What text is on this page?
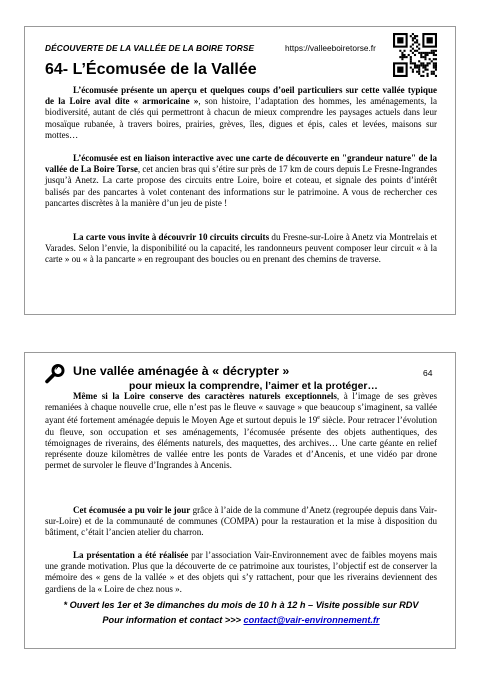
DÉCOUVERTE DE LA VALLÉE DE LA BOIRE TORSE	https://valleeboiretorse.fr
64- L’Écomusée de la Vallée

L’écomusée présente un aperçu et quelques coups d’oeil particuliers sur cette vallée typique de la Loire aval dite « armoricaine », son histoire, l’adaptation des hommes, les aménagements, la biodiversité, autant de clés qui permettront à chacun de mieux comprendre les paysages actuels dans leur mosaïque rubanée, à travers boires, prairies, grèves, îles, digues et épis, cales et levées, maisons sur mottes…

L’écomusée est en liaison interactive avec une carte de découverte en "grandeur nature" de la vallée de La Boire Torse, cet ancien bras qui s’étire sur près de 17 km de cours depuis Le Fresne-Ingrandes jusqu’à Anetz. La carte propose des circuits entre Loire, boire et coteau, et signale des points d’intérêt balisés par des pancartes à volet contenant des informations sur le patrimoine. A vous de rechercher ces pancartes discrètes à la manière d’un jeu de piste !

La carte vous invite à découvrir 10 circuits circuits du Fresne-sur-Loire à Anetz via Montrelais et Varades. Selon l’envie, la disponibilité ou la capacité, les randonneurs peuvent composer leur circuit « à la carte » ou « à la pancarte » en regroupant des boucles ou en prenant des chemins de traverse.

Une vallée aménagée à « décrypter »
pour mieux la comprendre, l’aimer et la protéger…
64

Même si la Loire conserve des caractères naturels exceptionnels, à l’image de ses grèves remaniées à chaque nouvelle crue, elle n’est pas le fleuve « sauvage » que beaucoup s’imaginent, sa vallée ayant été fortement aménagée depuis le Moyen Age et surtout depuis le 19e siècle. Pour retracer l’évolution du fleuve, son occupation et ses aménagements, l’écomusée présente des objets authentiques, des témoignages de riverains, des éléments naturels, des maquettes, des archives… Une carte géante en relief représente douze kilomètres de vallée entre les ponts de Varades et d’Ancenis, et une vidéo par drone permet de survoler le fleuve d’Ingrandes à Ancenis.

Cet écomusée a pu voir le jour grâce à l’aide de la commune d’Anetz (regroupée depuis dans Vair-sur-Loire) et de la communauté de communes (COMPA) pour la restauration et la mise à disposition du bâtiment, c’était l’ancien atelier du charron.

La présentation a été réalisée par l’association Vair-Environnement avec de faibles moyens mais une grande motivation. Plus que la découverte de ce patrimoine aux touristes, l’objectif est de conserver la mémoire des « gens de la vallée » et des objets qui s’y rattachent, pour que les riverains deviennent des gardiens de la « Loire de chez nous ».

* Ouvert les 1er et 3e dimanches du mois de 10 h à 12 h – Visite possible sur RDV
Pour information et contact >>> contact@vair-environnement.fr
